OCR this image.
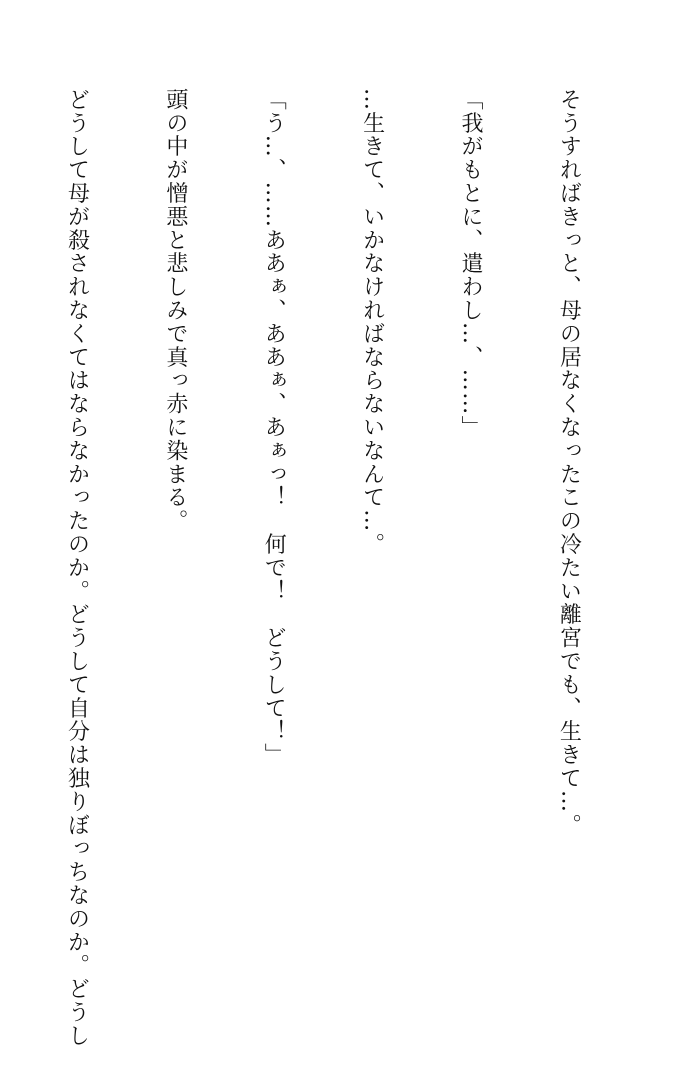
そうすればきっと、母の居なくなったこの冷たい離宮でも、生きて…。

「我がもとに、遣わし…、……」

…生きて、いかなければならないなんて…。

「う…、……ああぁ、ああぁ、あぁっ！　何で！　どうして！」

頭の中が憎悪と悲しみで真っ赤に染まる。

どうして母が殺されなくてはならなかったのか。どうして自分は独りぼっちなのか。どうし
